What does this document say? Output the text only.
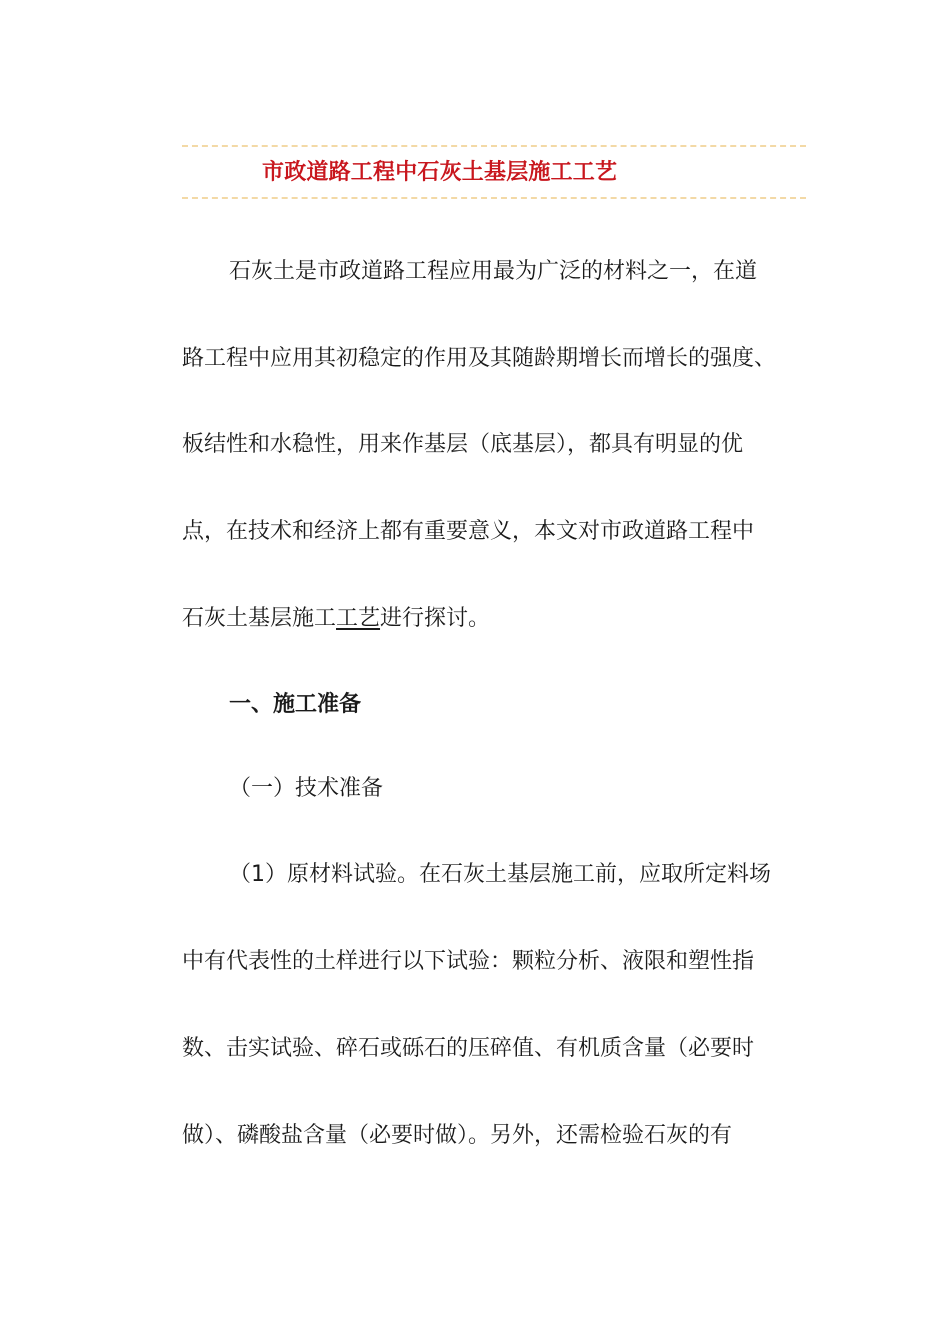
市政道路工程中石灰土基层施工工艺
石灰土是市政道路工程应用最为广泛的材料之一，在道
路工程中应用其初稳定的作用及其随龄期增长而增长的强度、
板结性和水稳性，用来作基层（底基层），都具有明显的优
点，在技术和经济上都有重要意义，本文对市政道路工程中
石灰土基层施工工艺进行探讨。
一、施工准备
（一）技术准备
（1）原材料试验。在石灰土基层施工前，应取所定料场
中有代表性的土样进行以下试验：颗粒分析、液限和塑性指
数、击实试验、碎石或砾石的压碎值、有机质含量（必要时
做）、磷酸盐含量（必要时做）。另外，还需检验石灰的有
